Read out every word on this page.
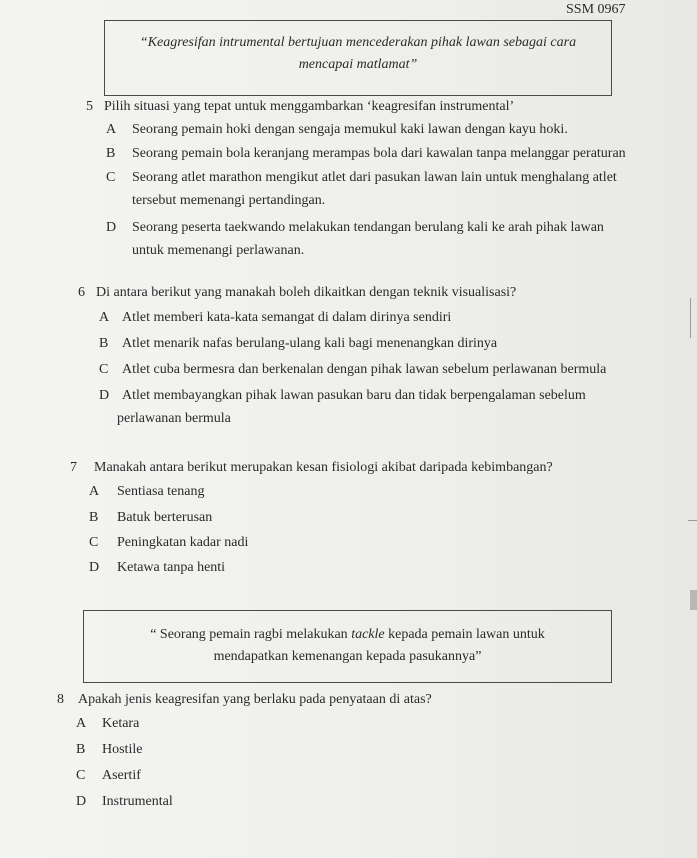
SSM 0967
“Keagresifan intrumental bertujuan mencederakan pihak lawan sebagai cara
mencapai matlamat”
5 Pilih situasi yang tepat untuk menggambarkan ‘keagresifan instrumental’
A Seorang pemain hoki dengan sengaja memukul kaki lawan dengan kayu hoki.
B Seorang pemain bola keranjang merampas bola dari kawalan tanpa melanggar peraturan
C Seorang atlet marathon mengikut atlet dari pasukan lawan lain untuk menghalang atlet
tersebut memenangi pertandingan.
D Seorang peserta taekwando melakukan tendangan berulang kali ke arah pihak lawan
untuk memenangi perlawanan.
6 Di antara berikut yang manakah boleh dikaitkan dengan teknik visualisasi?
A Atlet memberi kata-kata semangat di dalam dirinya sendiri
B Atlet menarik nafas berulang-ulang kali bagi menenangkan dirinya
C Atlet cuba bermesra dan berkenalan dengan pihak lawan sebelum perlawanan bermula
D Atlet membayangkan pihak lawan pasukan baru dan tidak berpengalaman sebelum
perlawanan bermula
7 Manakah antara berikut merupakan kesan fisiologi akibat daripada kebimbangan?
A Sentiasa tenang
B Batuk berterusan
C Peningkatan kadar nadi
D Ketawa tanpa henti
“ Seorang pemain ragbi melakukan tackle kepada pemain lawan untuk
mendapatkan kemenangan kepada pasukannya”
8 Apakah jenis keagresifan yang berlaku pada penyataan di atas?
A Ketara
B Hostile
C Asertif
D Instrumental
